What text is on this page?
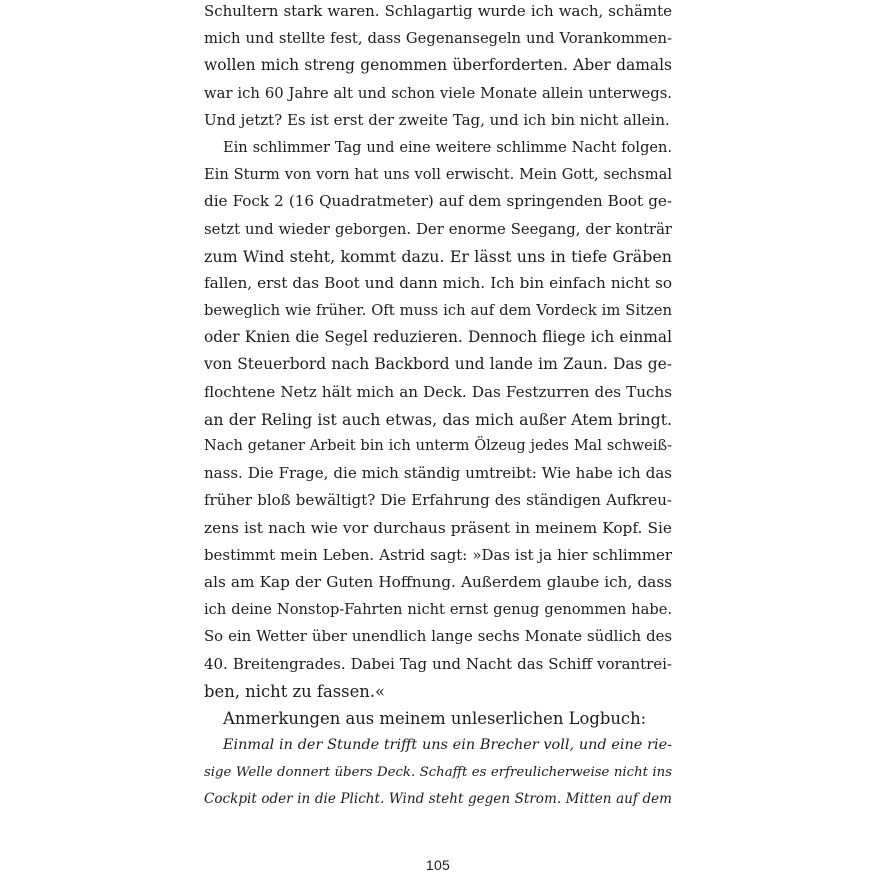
Schultern stark waren. Schlagartig wurde ich wach, schämte
mich und stellte fest, dass Gegenansegeln und Vorankommen-
wollen mich streng genommen überforderten. Aber damals
war ich 60 Jahre alt und schon viele Monate allein unterwegs.
Und jetzt? Es ist erst der zweite Tag, und ich bin nicht allein.
Ein schlimmer Tag und eine weitere schlimme Nacht folgen.
Ein Sturm von vorn hat uns voll erwischt. Mein Gott, sechsmal
die Fock 2 (16 Quadratmeter) auf dem springenden Boot ge-
setzt und wieder geborgen. Der enorme Seegang, der konträr
zum Wind steht, kommt dazu. Er lässt uns in tiefe Gräben
fallen, erst das Boot und dann mich. Ich bin einfach nicht so
beweglich wie früher. Oft muss ich auf dem Vordeck im Sitzen
oder Knien die Segel reduzieren. Dennoch fliege ich einmal
von Steuerbord nach Backbord und lande im Zaun. Das ge-
flochtene Netz hält mich an Deck. Das Festzurren des Tuchs
an der Reling ist auch etwas, das mich außer Atem bringt.
Nach getaner Arbeit bin ich unterm Ölzeug jedes Mal schweiß-
nass. Die Frage, die mich ständig umtreibt: Wie habe ich das
früher bloß bewältigt? Die Erfahrung des ständigen Aufkreu-
zens ist nach wie vor durchaus präsent in meinem Kopf. Sie
bestimmt mein Leben. Astrid sagt: »Das ist ja hier schlimmer
als am Kap der Guten Hoffnung. Außerdem glaube ich, dass
ich deine Nonstop-Fahrten nicht ernst genug genommen habe.
So ein Wetter über unendlich lange sechs Monate südlich des
40. Breitengrades. Dabei Tag und Nacht das Schiff vorantrei-
ben, nicht zu fassen.«
Anmerkungen aus meinem unleserlichen Logbuch:
Einmal in der Stunde trifft uns ein Brecher voll, und eine rie-
sige Welle donnert übers Deck. Schafft es erfreulicherweise nicht ins
Cockpit oder in die Plicht. Wind steht gegen Strom. Mitten auf dem
105
